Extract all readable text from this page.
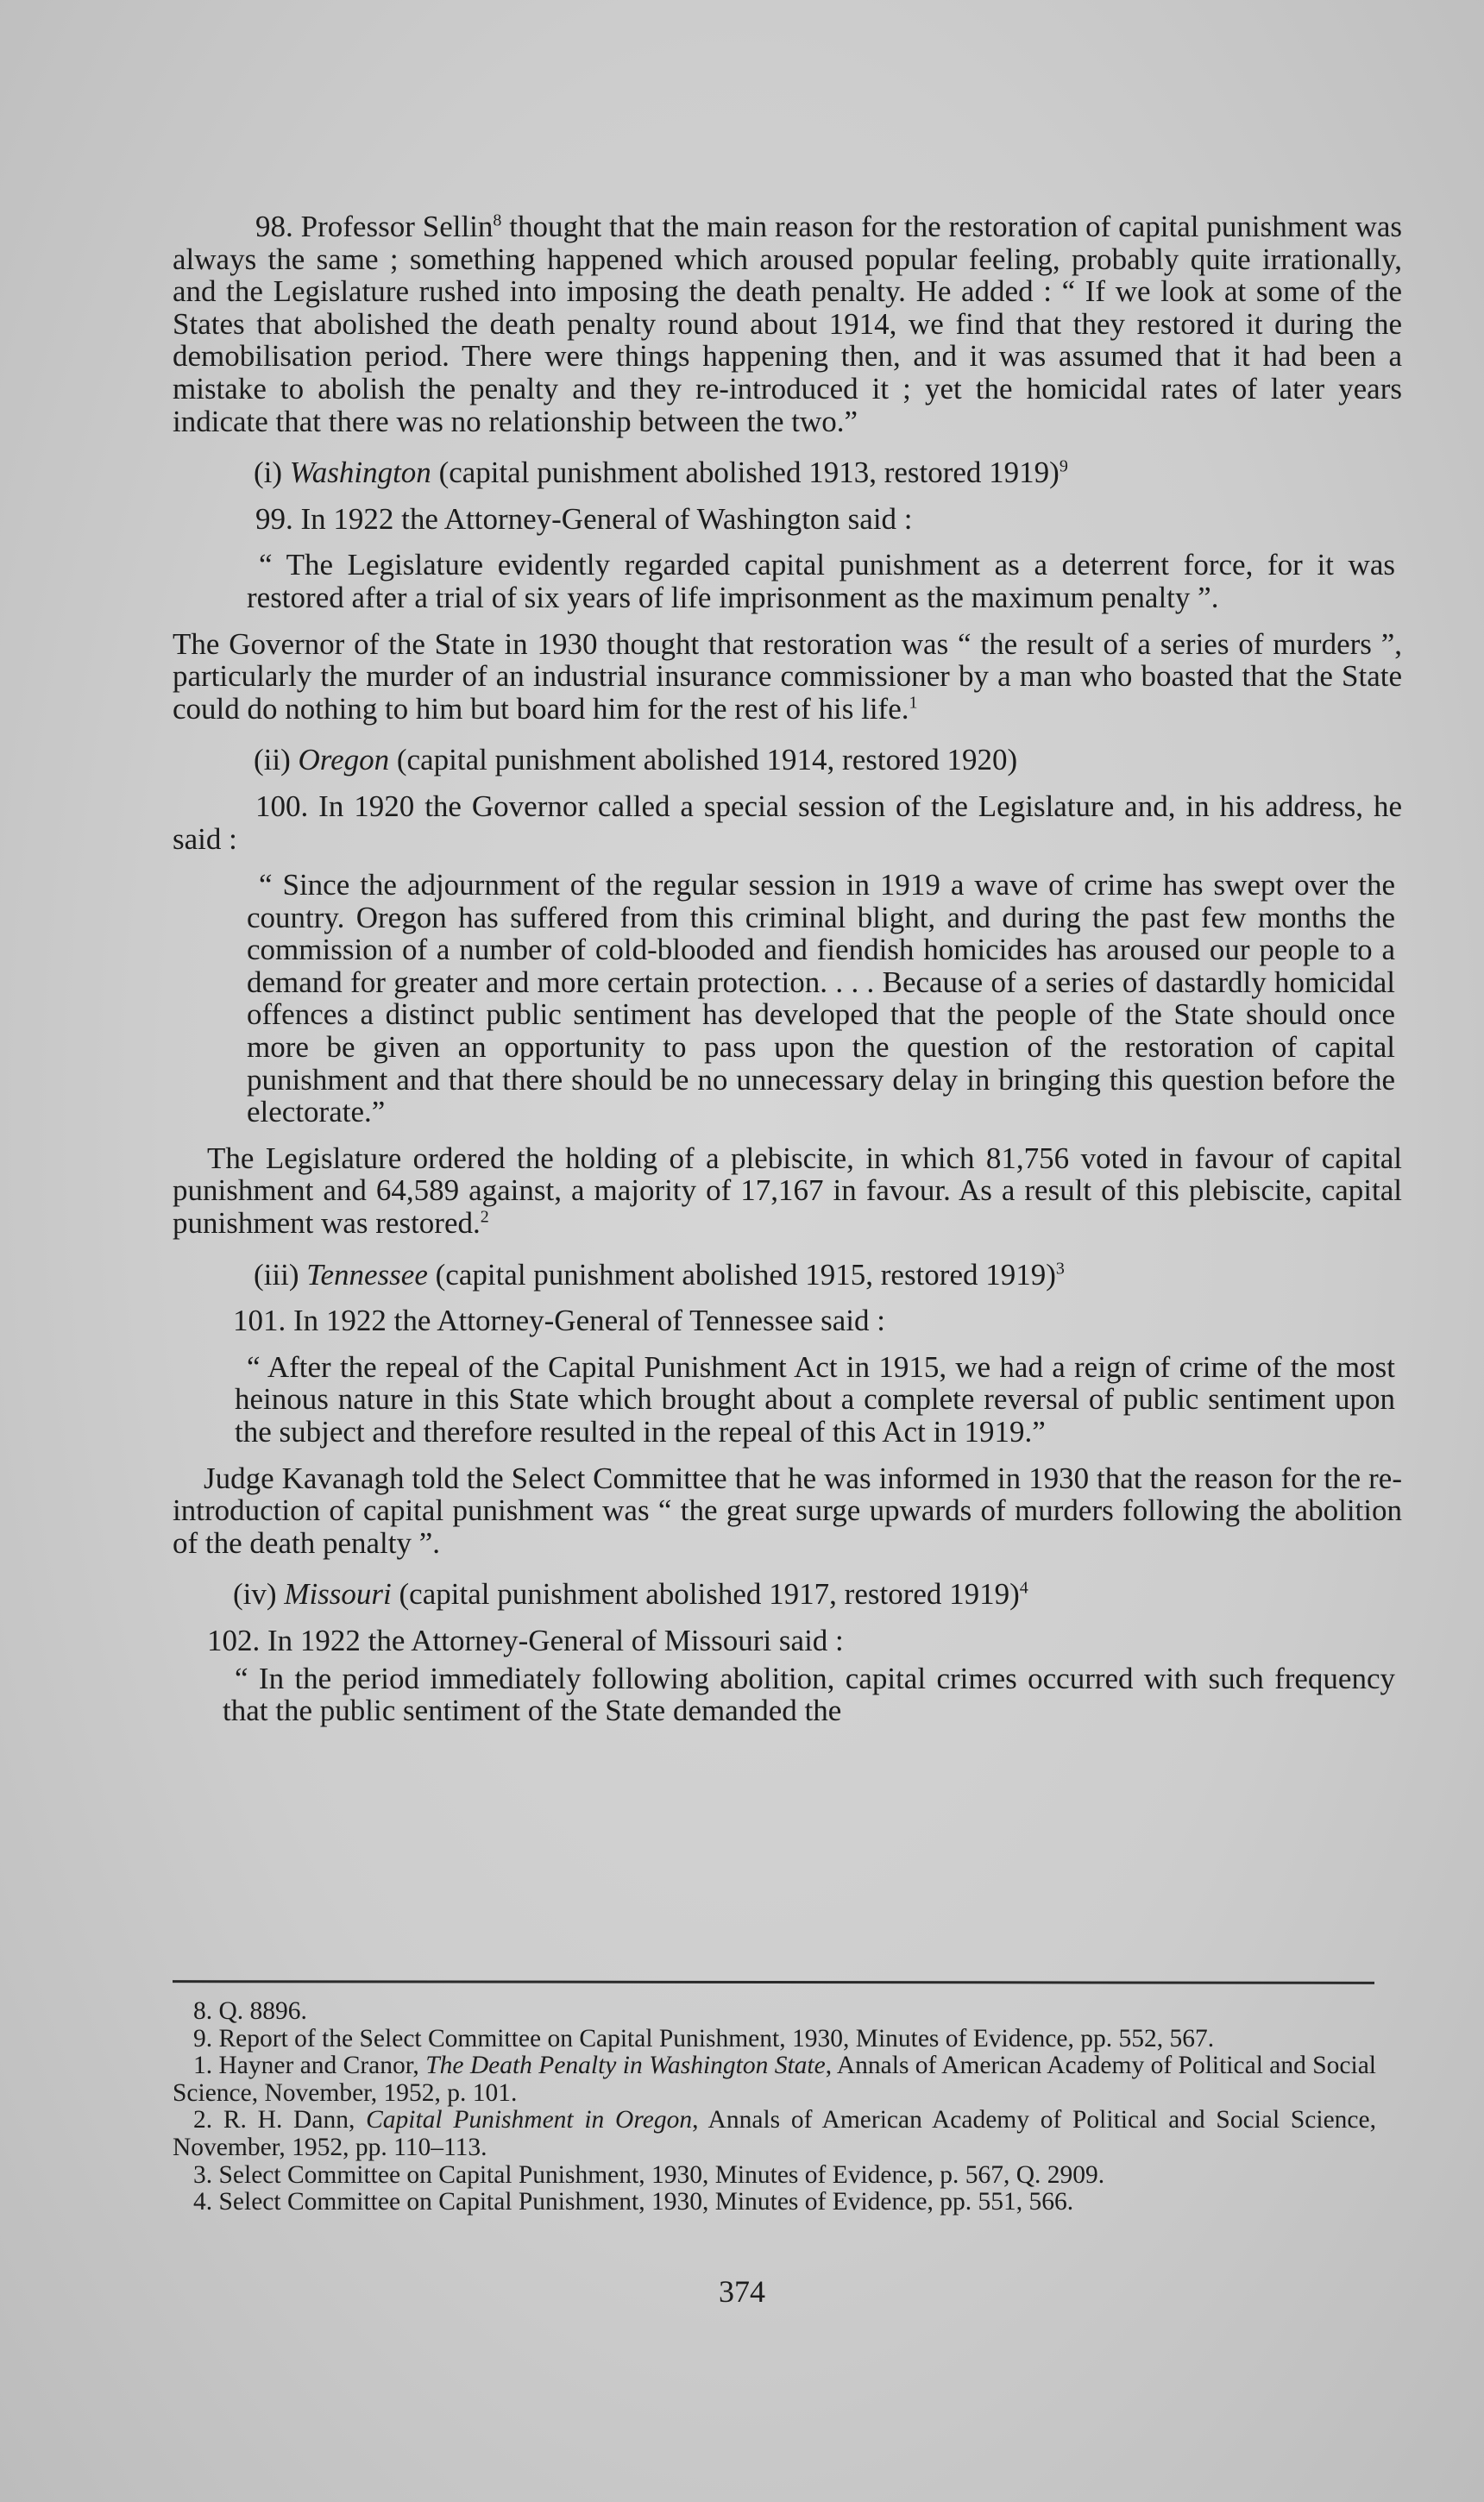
98. Professor Sellin$^8$ thought that the main reason for the restoration of capital punishment was always the same ; something happened which aroused popular feeling, probably quite irrationally, and the Legislature rushed into imposing the death penalty. He added : “ If we look at some of the States that abolished the death penalty round about 1914, we find that they restored it during the demobilisation period. There were things happening then, and it was assumed that it had been a mistake to abolish the penalty and they re-introduced it ; yet the homicidal rates of later years indicate that there was no relationship between the two.”

(i) Washington (capital punishment abolished 1913, restored 1919)$^9$

99. In 1922 the Attorney-General of Washington said :

“ The Legislature evidently regarded capital punishment as a deterrent force, for it was restored after a trial of six years of life imprisonment as the maximum penalty ”.

The Governor of the State in 1930 thought that restoration was “ the result of a series of murders ”, particularly the murder of an industrial insurance commissioner by a man who boasted that the State could do nothing to him but board him for the rest of his life.$^1$

(ii) Oregon (capital punishment abolished 1914, restored 1920)

100. In 1920 the Governor called a special session of the Legislature and, in his address, he said :

“ Since the adjournment of the regular session in 1919 a wave of crime has swept over the country. Oregon has suffered from this criminal blight, and during the past few months the commission of a number of cold-blooded and fiendish homicides has aroused our people to a demand for greater and more certain protection. . . . Because of a series of dastardly homicidal offences a distinct public sentiment has developed that the people of the State should once more be given an opportunity to pass upon the question of the restoration of capital punishment and that there should be no unnecessary delay in bringing this question before the electorate.”

The Legislature ordered the holding of a plebiscite, in which 81,756 voted in favour of capital punishment and 64,589 against, a majority of 17,167 in favour. As a result of this plebiscite, capital punishment was restored.$^2$

(iii) Tennessee (capital punishment abolished 1915, restored 1919)$^3$

101. In 1922 the Attorney-General of Tennessee said :

“ After the repeal of the Capital Punishment Act in 1915, we had a reign of crime of the most heinous nature in this State which brought about a complete reversal of public sentiment upon the subject and therefore resulted in the repeal of this Act in 1919.”

Judge Kavanagh told the Select Committee that he was informed in 1930 that the reason for the re-introduction of capital punishment was “ the great surge upwards of murders following the abolition of the death penalty ”.

(iv) Missouri (capital punishment abolished 1917, restored 1919)$^4$

102. In 1922 the Attorney-General of Missouri said :

“ In the period immediately following abolition, capital crimes occurred with such frequency that the public sentiment of the State demanded the

8. Q. 8896.

9. Report of the Select Committee on Capital Punishment, 1930, Minutes of Evidence, pp. 552, 567.

1. Hayner and Cranor, The Death Penalty in Washington State, Annals of American Academy of Political and Social Science, November, 1952, p. 101.

2. R. H. Dann, Capital Punishment in Oregon, Annals of American Academy of Political and Social Science, November, 1952, pp. 110–113.

3. Select Committee on Capital Punishment, 1930, Minutes of Evidence, p. 567, Q. 2909.

4. Select Committee on Capital Punishment, 1930, Minutes of Evidence, pp. 551, 566.

374
